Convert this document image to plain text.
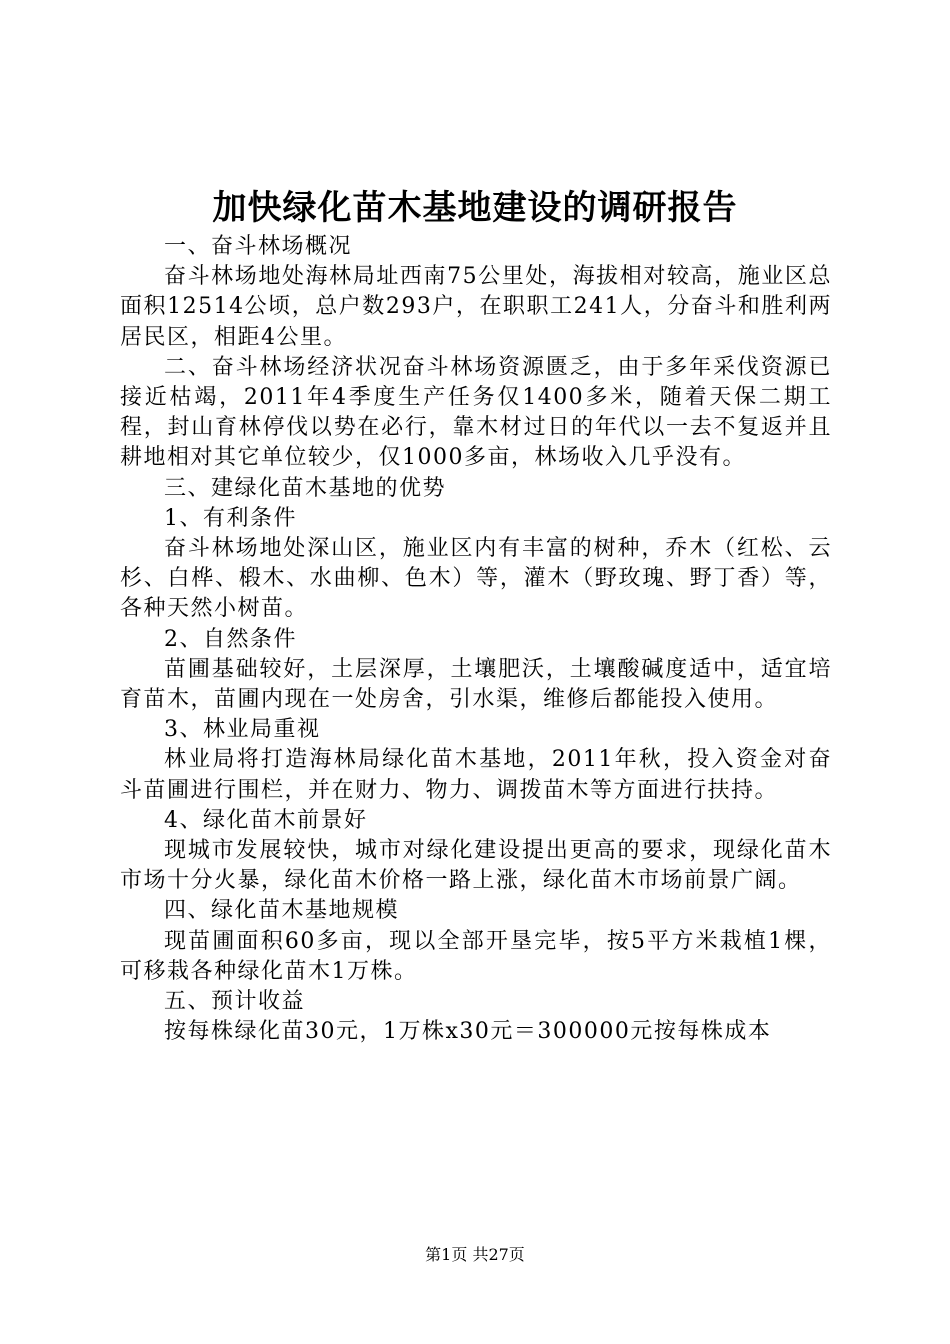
加快绿化苗木基地建设的调研报告

一、奋斗林场概况

奋斗林场地处海林局址西南75公里处，海拔相对较高，施业区总面积12514公顷，总户数293户，在职职工241人，分奋斗和胜利两居民区，相距4公里。

二、奋斗林场经济状况奋斗林场资源匮乏，由于多年采伐资源已接近枯竭，2011年4季度生产任务仅1400多米，随着天保二期工程，封山育林停伐以势在必行，靠木材过日的年代以一去不复返并且耕地相对其它单位较少，仅1000多亩，林场收入几乎没有。

三、建绿化苗木基地的优势

1、有利条件

奋斗林场地处深山区，施业区内有丰富的树种，乔木（红松、云杉、白桦、椴木、水曲柳、色木）等，灌木（野玫瑰、野丁香）等，各种天然小树苗。

2、自然条件

苗圃基础较好，土层深厚，土壤肥沃，土壤酸碱度适中，适宜培育苗木，苗圃内现在一处房舍，引水渠，维修后都能投入使用。

3、林业局重视

林业局将打造海林局绿化苗木基地，2011年秋，投入资金对奋斗苗圃进行围栏，并在财力、物力、调拨苗木等方面进行扶持。

4、绿化苗木前景好

现城市发展较快，城市对绿化建设提出更高的要求，现绿化苗木市场十分火暴，绿化苗木价格一路上涨，绿化苗木市场前景广阔。

四、绿化苗木基地规模

现苗圃面积60多亩，现以全部开垦完毕，按5平方米栽植1棵，可移栽各种绿化苗木1万株。

五、预计收益

按每株绿化苗30元，1万株x30元＝300000元按每株成本

第1页 共27页
